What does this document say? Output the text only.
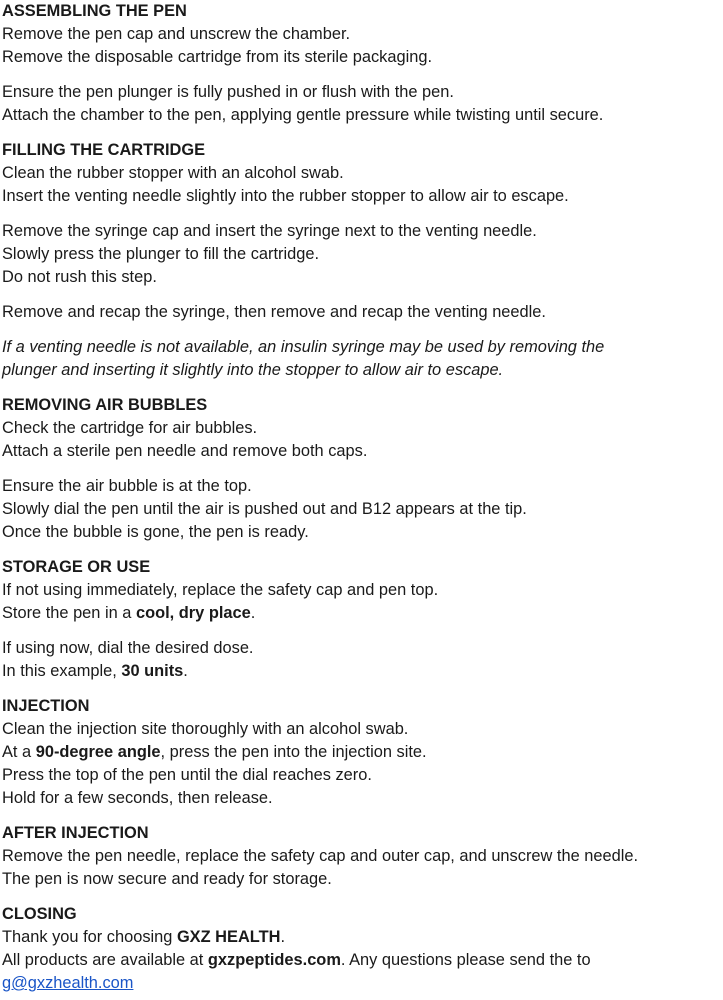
ASSEMBLING THE PEN
Remove the pen cap and unscrew the chamber.
Remove the disposable cartridge from its sterile packaging.
Ensure the pen plunger is fully pushed in or flush with the pen.
Attach the chamber to the pen, applying gentle pressure while twisting until secure.
FILLING THE CARTRIDGE
Clean the rubber stopper with an alcohol swab.
Insert the venting needle slightly into the rubber stopper to allow air to escape.
Remove the syringe cap and insert the syringe next to the venting needle.
Slowly press the plunger to fill the cartridge.
Do not rush this step.
Remove and recap the syringe, then remove and recap the venting needle.
If a venting needle is not available, an insulin syringe may be used by removing the
plunger and inserting it slightly into the stopper to allow air to escape.
REMOVING AIR BUBBLES
Check the cartridge for air bubbles.
Attach a sterile pen needle and remove both caps.
Ensure the air bubble is at the top.
Slowly dial the pen until the air is pushed out and B12 appears at the tip.
Once the bubble is gone, the pen is ready.
STORAGE OR USE
If not using immediately, replace the safety cap and pen top.
Store the pen in a cool, dry place.
If using now, dial the desired dose.
In this example, 30 units.
INJECTION
Clean the injection site thoroughly with an alcohol swab.
At a 90-degree angle, press the pen into the injection site.
Press the top of the pen until the dial reaches zero.
Hold for a few seconds, then release.
AFTER INJECTION
Remove the pen needle, replace the safety cap and outer cap, and unscrew the needle.
The pen is now secure and ready for storage.
CLOSING
Thank you for choosing GXZ HEALTH.
All products are available at gxzpeptides.com. Any questions please send the to
g@gxzhealth.com
